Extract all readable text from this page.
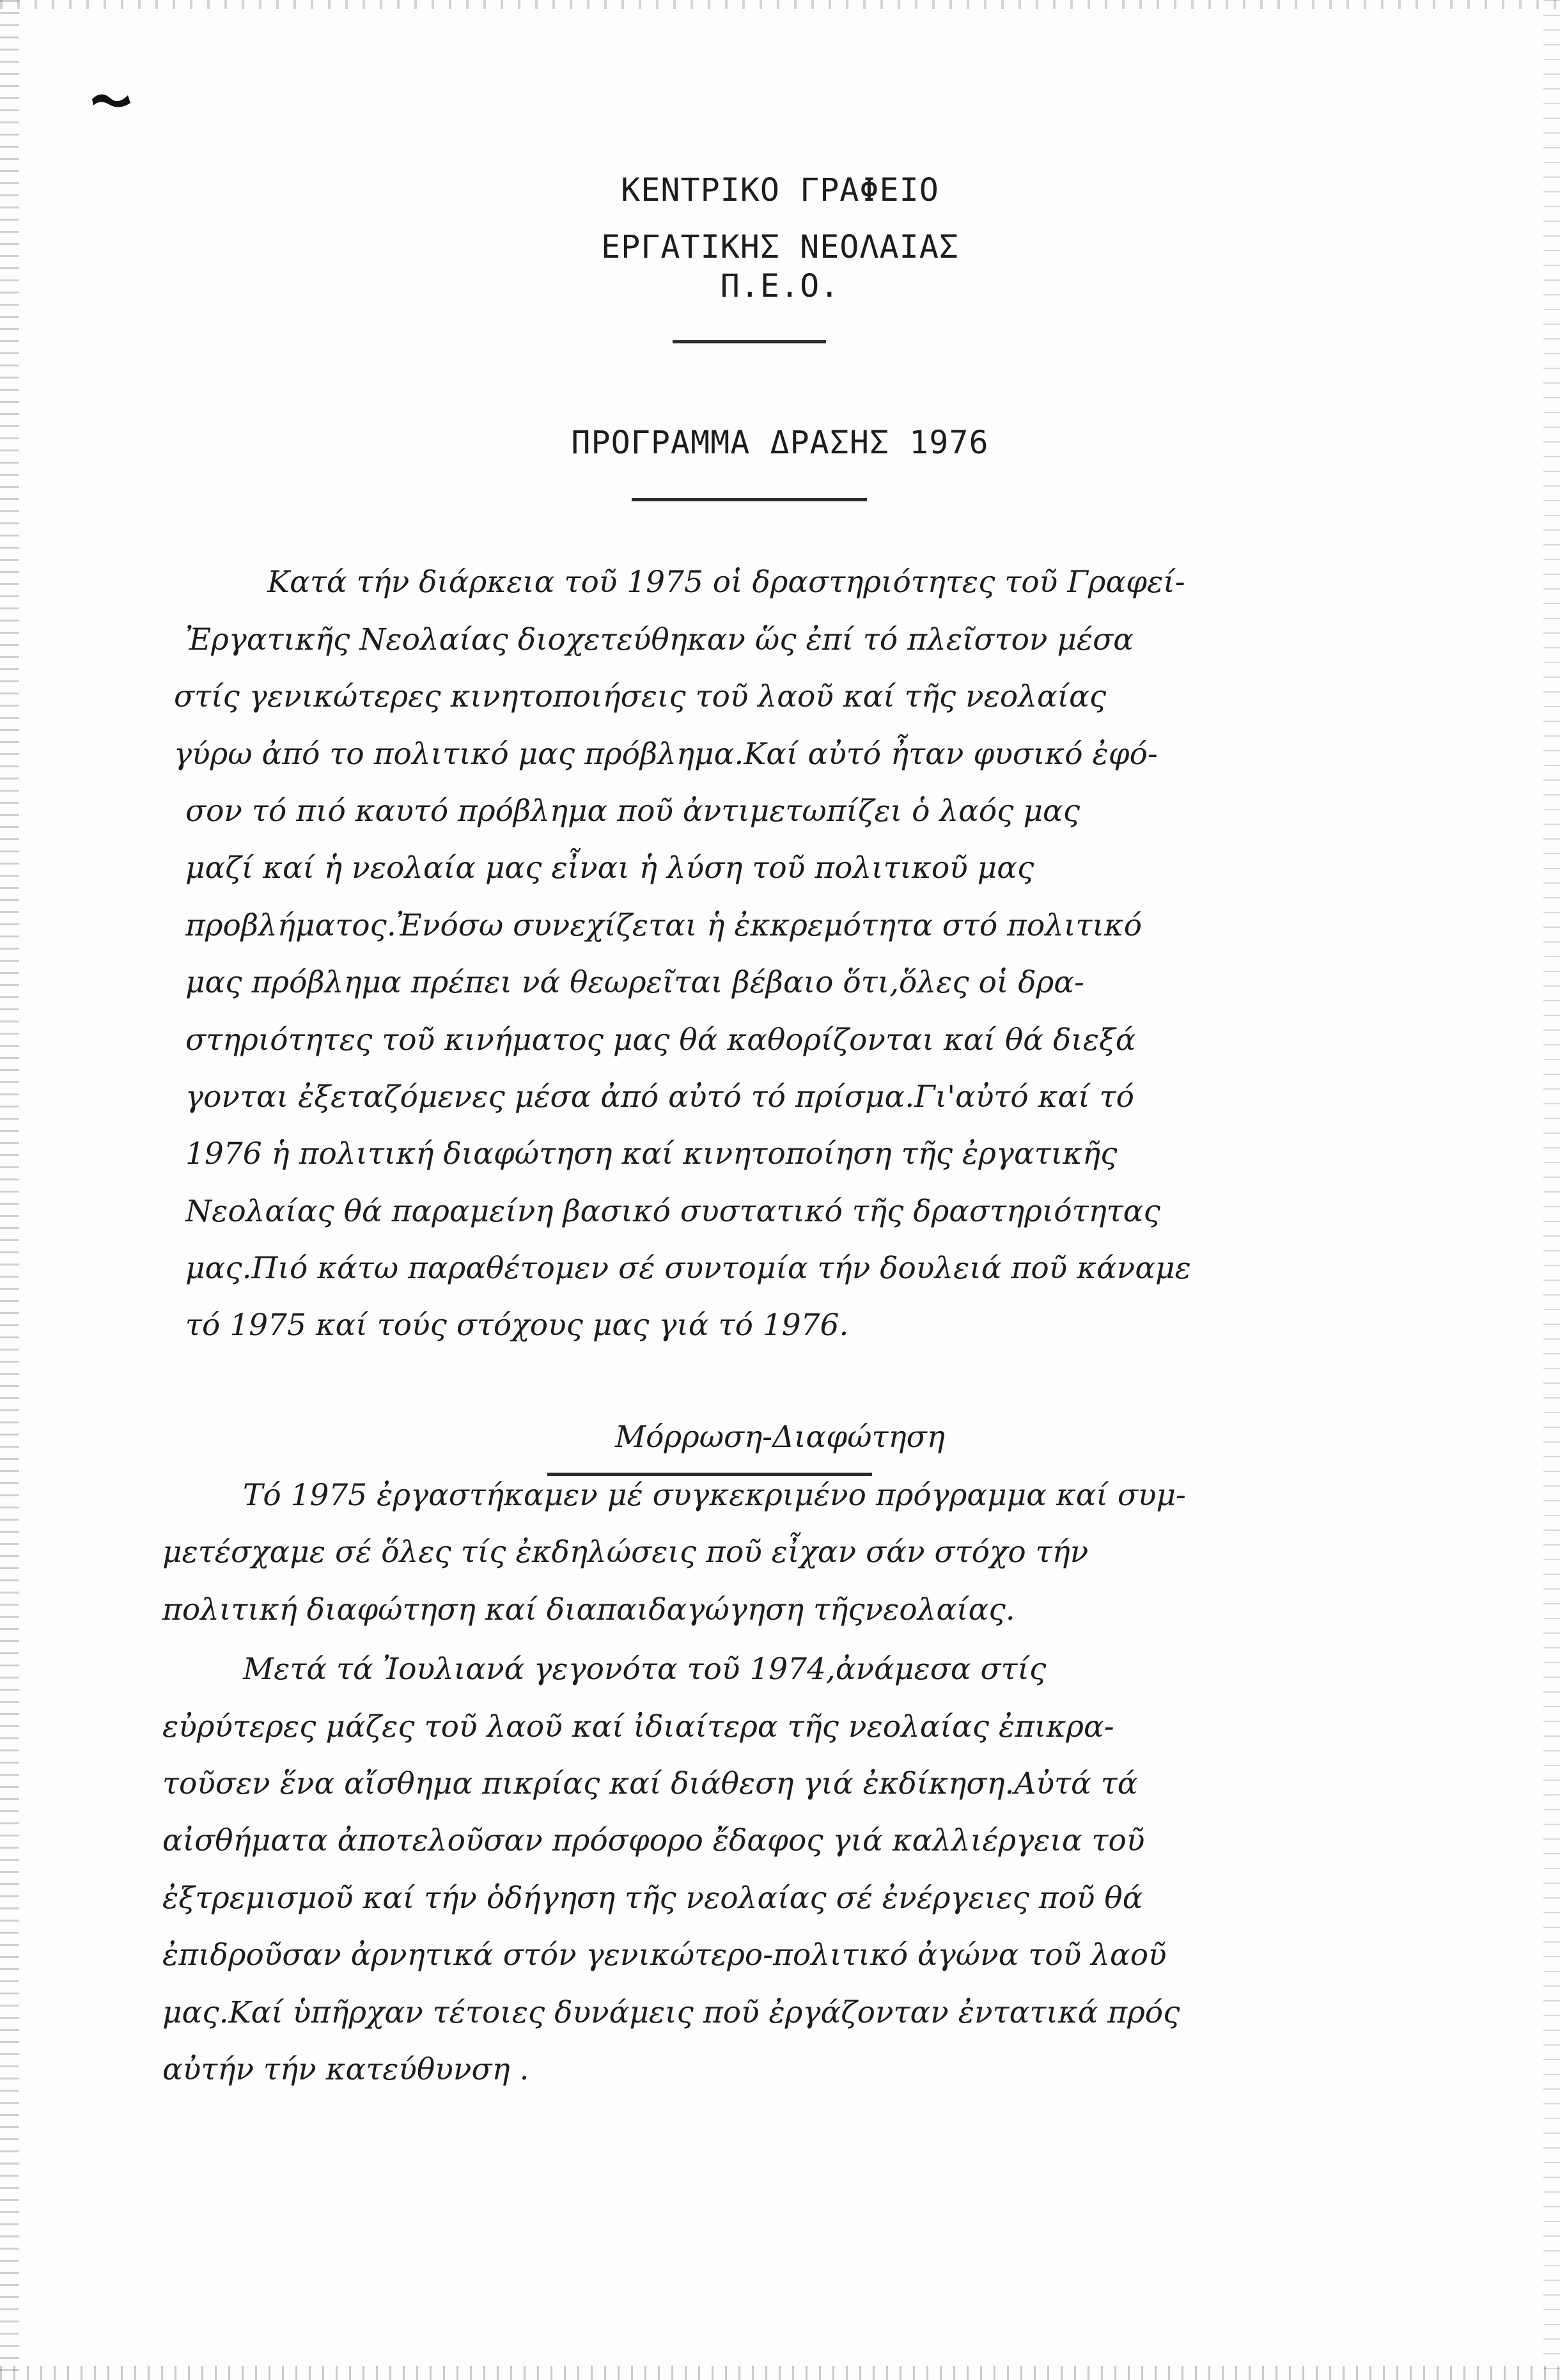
ΚΕΝΤΡΙΚΟ ΓΡΑΦΕΙΟ
ΕΡΓΑΤΙΚΗΣ ΝΕΟΛΑΙΑΣ
Π.Ε.Ο.
ΠΡΟΓΡΑΜΜΑ ΔΡΑΣΗΣ 1976
Κατά τήν διάρκεια τοῦ 1975 οἱ δραστηριότητες τοῦ Γραφεί-
Ἐργατικῆς Νεολαίας διοχετεύθηκαν ὥς ἐπί τό πλεῖστον μέσα
στίς γενικώτερες κινητοποιήσεις τοῦ λαοῦ καί τῆς νεολαίας
γύρω ἀπό το πολιτικό μας πρόβλημα.Καί αὐτό ἦταν φυσικό ἐφό-
σον τό πιό καυτό πρόβλημα ποῦ ἀντιμετωπίζει ὁ λαός μας
μαζί καί ἡ νεολαία μας εἶναι ἡ λύση τοῦ πολιτικοῦ μας
προβλήματος.Ἐνόσω συνεχίζεται ἡ ἐκκρεμότητα στό πολιτικό
μας πρόβλημα πρέπει νά θεωρεῖται βέβαιο ὅτι,ὅλες οἱ δρα-
στηριότητες τοῦ κινήματος μας θά καθορίζονται καί θά διεξά
γονται ἐξεταζόμενες μέσα ἀπό αὐτό τό πρίσμα.Γι'αὐτό καί τό
1976 ἡ πολιτική διαφώτηση καί κινητοποίηση τῆς ἐργατικῆς
Νεολαίας θά παραμείνη βασικό συστατικό τῆς δραστηριότητας
μας.Πιό κάτω παραθέτομεν σέ συντομία τήν δουλειά ποῦ κάναμε
τό 1975 καί τούς στόχους μας γιά τό 1976.
Μόρρωση-Διαφώτηση
Τό 1975 ἐργαστήκαμεν μέ συγκεκριμένο πρόγραμμα καί συμ-
μετέσχαμε σέ ὅλες τίς ἐκδηλώσεις ποῦ εἶχαν σάν στόχο τήν
πολιτική διαφώτηση καί διαπαιδαγώγηση τῆςνεολαίας.
Μετά τά Ἰουλιανά γεγονότα τοῦ 1974,ἀνάμεσα στίς
εὐρύτερες μάζες τοῦ λαοῦ καί ἰδιαίτερα τῆς νεολαίας ἐπικρα-
τοῦσεν ἕνα αἴσθημα πικρίας καί διάθεση γιά ἐκδίκηση.Αὐτά τά
αἰσθήματα ἀποτελοῦσαν πρόσφορο ἔδαφος γιά καλλιέργεια τοῦ
ἐξτρεμισμοῦ καί τήν ὁδήγηση τῆς νεολαίας σέ ἐνέργειες ποῦ θά
ἐπιδροῦσαν ἀρνητικά στόν γενικώτερο-πολιτικό ἀγώνα τοῦ λαοῦ
μας.Καί ὑπῆρχαν τέτοιες δυνάμεις ποῦ ἐργάζονταν ἐντατικά πρός
αὐτήν τήν κατεύθυνση .
